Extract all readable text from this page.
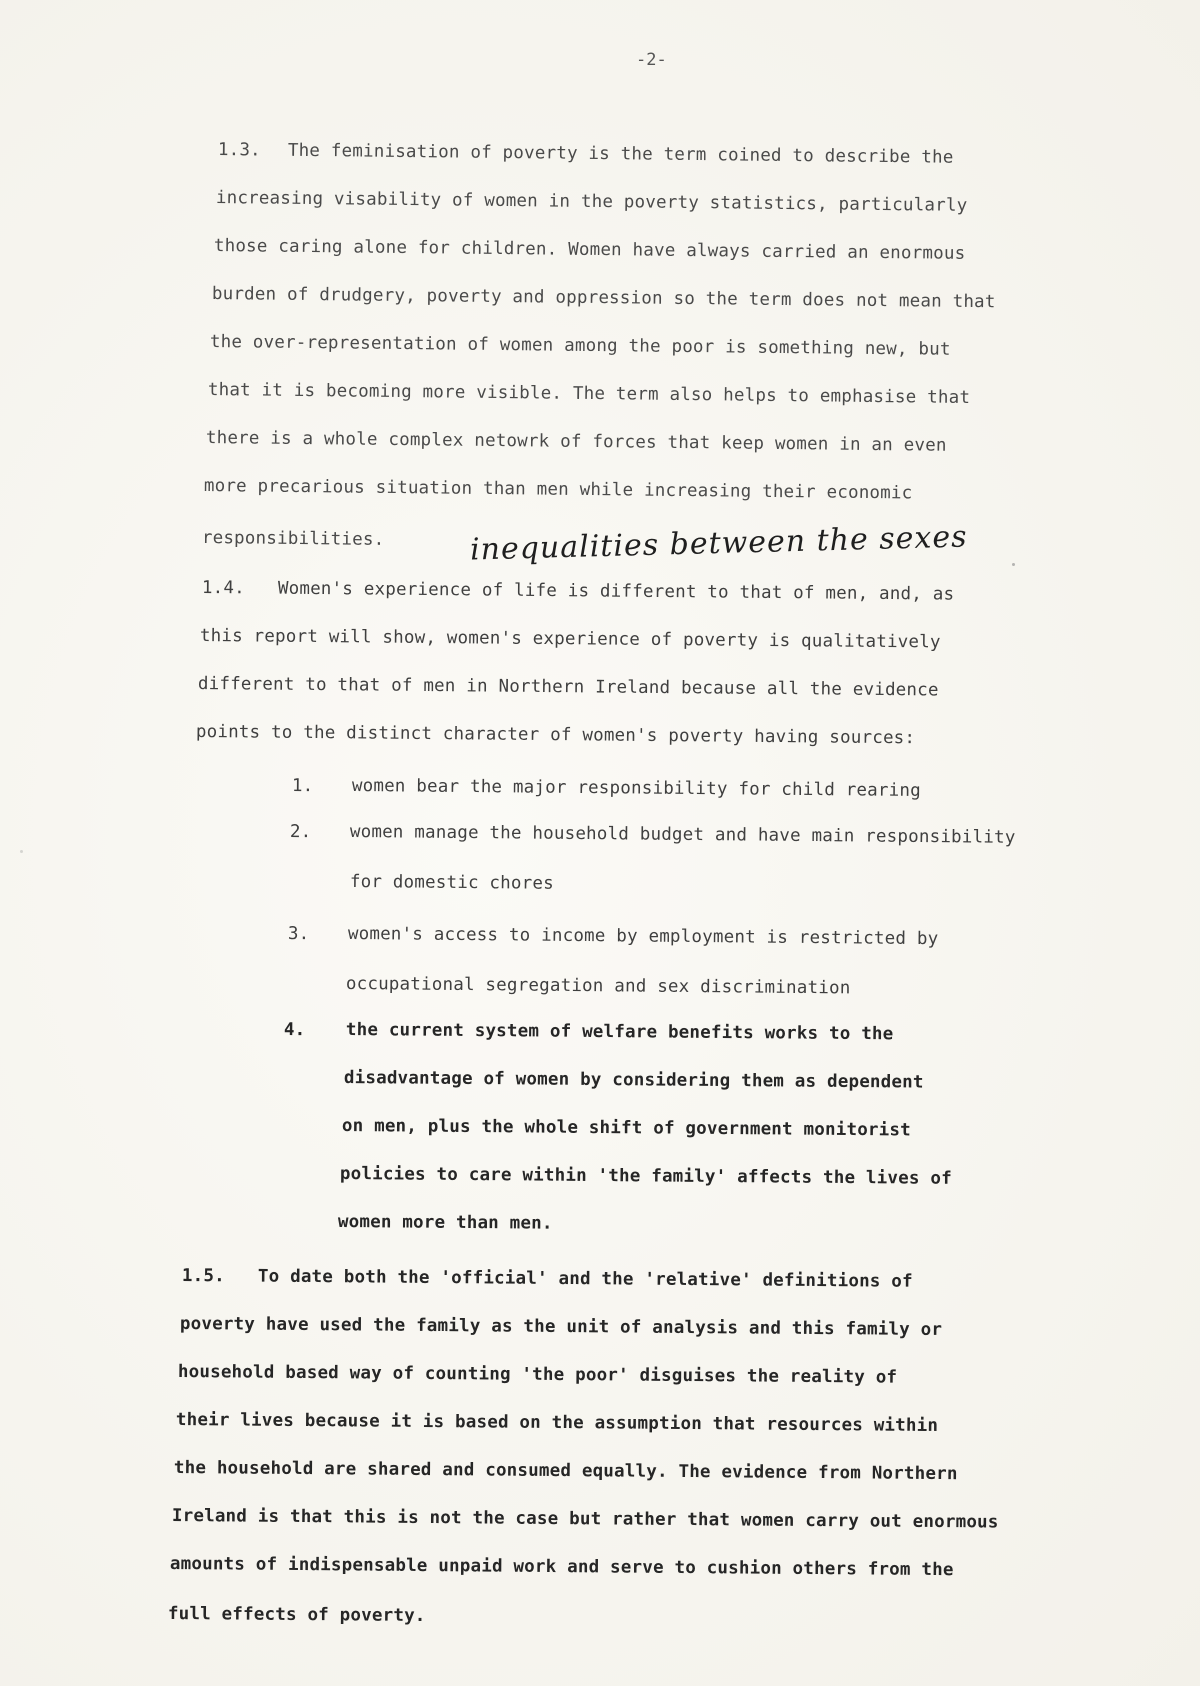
-2-
1.3. The feminisation of poverty is the term coined to describe the
increasing visability of women in the poverty statistics, particularly
those caring alone for children. Women have always carried an enormous
burden of drudgery, poverty and oppression so the term does not mean that
the over-representation of women among the poor is something new, but
that it is becoming more visible. The term also helps to emphasise that
there is a whole complex netowrk of forces that keep women in an even
more precarious situation than men while increasing their economic
responsibilities.	inequalities between the sexes
1.4. Women's experience of life is different to that of men, and, as
this report will show, women's experience of poverty is qualitatively
different to that of men in Northern Ireland because all the evidence
points to the distinct character of women's poverty having sources:
1. women bear the major responsibility for child rearing
2. women manage the household budget and have main responsibility
for domestic chores
3. women's access to income by employment is restricted by
occupational segregation and sex discrimination
4. the current system of welfare benefits works to the
disadvantage of women by considering them as dependent
on men, plus the whole shift of government monitorist
policies to care within 'the family' affects the lives of
women more than men.
1.5. To date both the 'official' and the 'relative' definitions of
poverty have used the family as the unit of analysis and this family or
household based way of counting 'the poor' disguises the reality of
their lives because it is based on the assumption that resources within
the household are shared and consumed equally. The evidence from Northern
Ireland is that this is not the case but rather that women carry out enormous
amounts of indispensable unpaid work and serve to cushion others from the
full effects of poverty.
